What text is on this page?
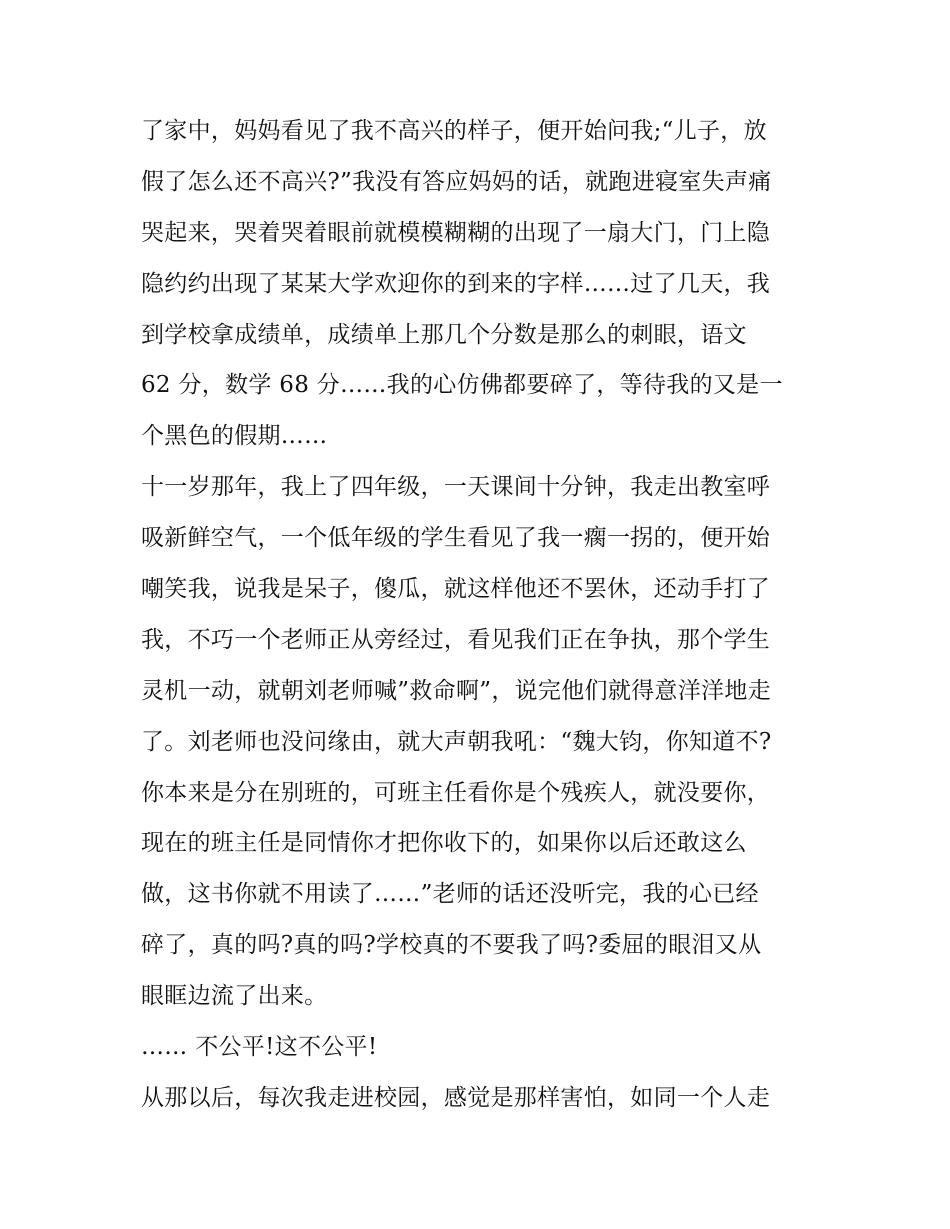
了家中，妈妈看见了我不高兴的样子，便开始问我;“儿子，放
假了怎么还不高兴?”我没有答应妈妈的话，就跑进寝室失声痛
哭起来，哭着哭着眼前就模模糊糊的出现了一扇大门，门上隐
隐约约出现了某某大学欢迎你的到来的字样……过了几天，我
到学校拿成绩单，成绩单上那几个分数是那么的刺眼，语文
62 分，数学 68 分……我的心仿佛都要碎了，等待我的又是一
个黑色的假期……
十一岁那年，我上了四年级，一天课间十分钟，我走出教室呼
吸新鲜空气，一个低年级的学生看见了我一瘸一拐的，便开始
嘲笑我，说我是呆子，傻瓜，就这样他还不罢休，还动手打了
我，不巧一个老师正从旁经过，看见我们正在争执，那个学生
灵机一动，就朝刘老师喊”救命啊”，说完他们就得意洋洋地走
了。刘老师也没问缘由，就大声朝我吼：“魏大钧，你知道不?
你本来是分在别班的，可班主任看你是个残疾人，就没要你，
现在的班主任是同情你才把你收下的，如果你以后还敢这么
做，这书你就不用读了……”老师的话还没听完，我的心已经
碎了，真的吗?真的吗?学校真的不要我了吗?委屈的眼泪又从
眼眶边流了出来。
…… 不公平!这不公平!
从那以后，每次我走进校园，感觉是那样害怕，如同一个人走
